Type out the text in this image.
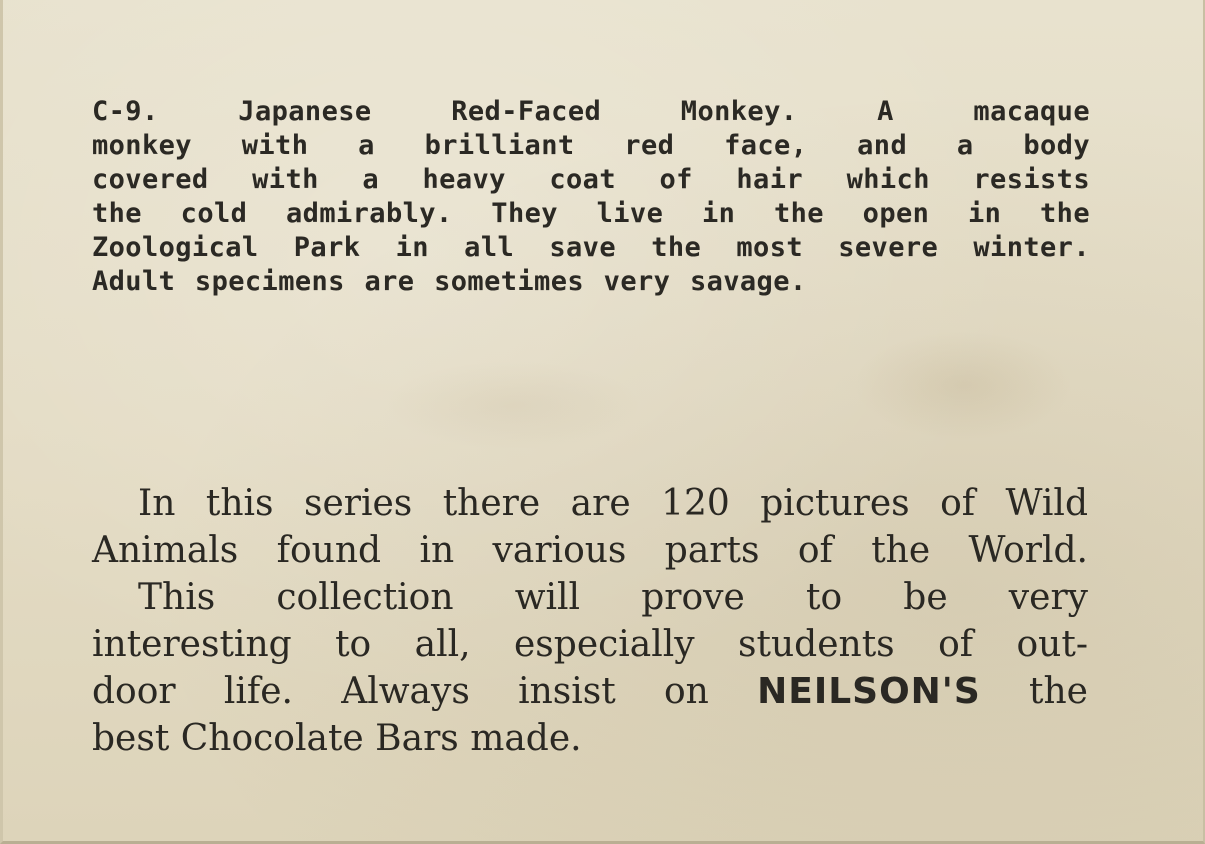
C-9. Japanese Red-Faced Monkey. A macaque
monkey with a brilliant red face, and a body
covered with a heavy coat of hair which resists
the cold admirably. They live in the open in the
Zoological Park in all save the most severe winter.
Adult specimens are sometimes very savage.
In this series there are 120 pictures of Wild
Animals found in various parts of the World.
This collection will prove to be very
interesting to all, especially students of out-
door life. Always insist on NEILSON'S the
best Chocolate Bars made.
